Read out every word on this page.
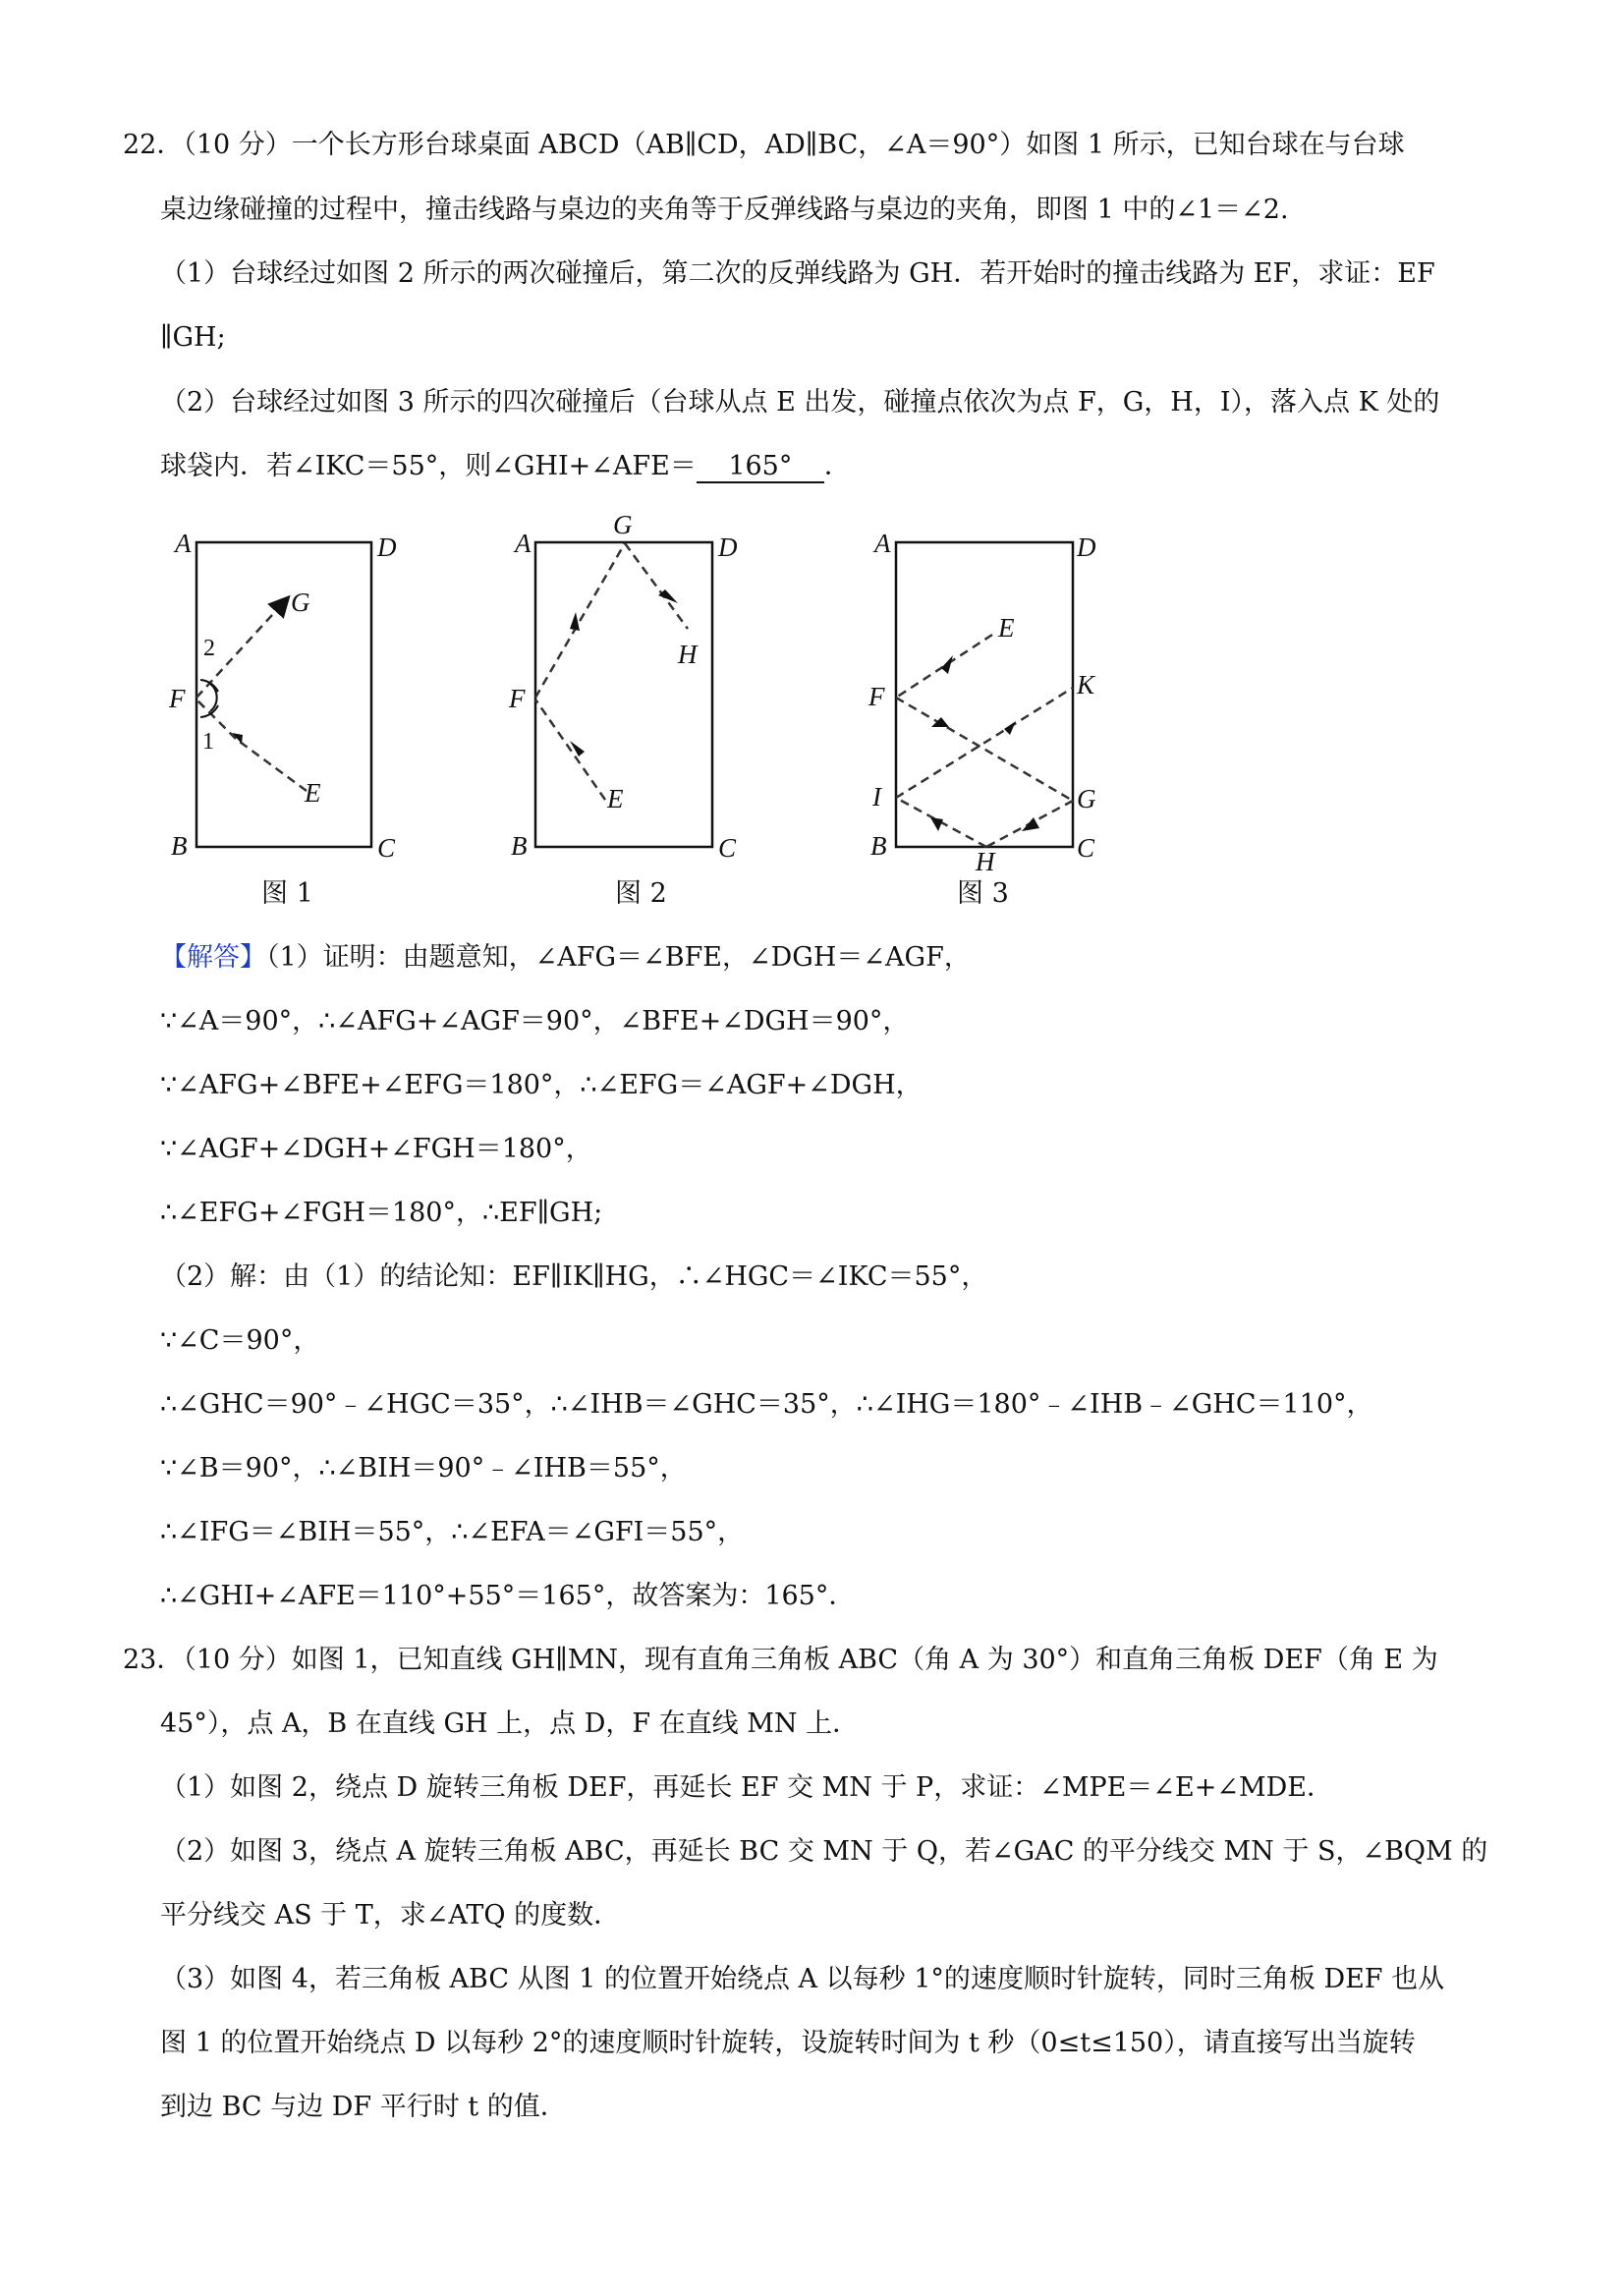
22．（10 分）一个长方形台球桌面 ABCD（AB∥CD，AD∥BC，∠A＝90°）如图 1 所示，已知台球在与台球
桌边缘碰撞的过程中，撞击线路与桌边的夹角等于反弹线路与桌边的夹角，即图 1 中的∠1＝∠2.
（1）台球经过如图 2 所示的两次碰撞后，第二次的反弹线路为 GH．若开始时的撞击线路为 EF，求证：EF
∥GH;
（2）台球经过如图 3 所示的四次碰撞后（台球从点 E 出发，碰撞点依次为点 F，G，H，I），落入点 K 处的
球袋内．若∠IKC＝55°，则∠GHI+∠AFE＝ 165° ．
A	D
B	C
F
G
E
1
2
图 1
A	D
B	C
F
G
H
E
图 2
A	D
B	C
F
E
K
I	G
H
图 3
【解答】（1）证明：由题意知，∠AFG＝∠BFE，∠DGH＝∠AGF，
∵∠A＝90°，∴∠AFG+∠AGF＝90°，∠BFE+∠DGH＝90°，
∵∠AFG+∠BFE+∠EFG＝180°，∴∠EFG＝∠AGF+∠DGH，
∵∠AGF+∠DGH+∠FGH＝180°，
∴∠EFG+∠FGH＝180°，∴EF∥GH;
（2）解：由（1）的结论知：EF∥IK∥HG，∴∠HGC＝∠IKC＝55°，
∵∠C＝90°，
∴∠GHC＝90°﹣∠HGC＝35°，∴∠IHB＝∠GHC＝35°，∴∠IHG＝180°﹣∠IHB﹣∠GHC＝110°，
∵∠B＝90°，∴∠BIH＝90°﹣∠IHB＝55°，
∴∠IFG＝∠BIH＝55°，∴∠EFA＝∠GFI＝55°，
∴∠GHI+∠AFE＝110°+55°＝165°，故答案为：165°．
23．（10 分）如图 1，已知直线 GH∥MN，现有直角三角板 ABC（角 A 为 30°）和直角三角板 DEF（角 E 为
45°），点 A，B 在直线 GH 上，点 D，F 在直线 MN 上．
（1）如图 2，绕点 D 旋转三角板 DEF，再延长 EF 交 MN 于 P，求证：∠MPE＝∠E+∠MDE．
（2）如图 3，绕点 A 旋转三角板 ABC，再延长 BC 交 MN 于 Q，若∠GAC 的平分线交 MN 于 S，∠BQM 的
平分线交 AS 于 T，求∠ATQ 的度数．
（3）如图 4，若三角板 ABC 从图 1 的位置开始绕点 A 以每秒 1°的速度顺时针旋转，同时三角板 DEF 也从
图 1 的位置开始绕点 D 以每秒 2°的速度顺时针旋转，设旋转时间为 t 秒（0≤t≤150），请直接写出当旋转
到边 BC 与边 DF 平行时 t 的值．
